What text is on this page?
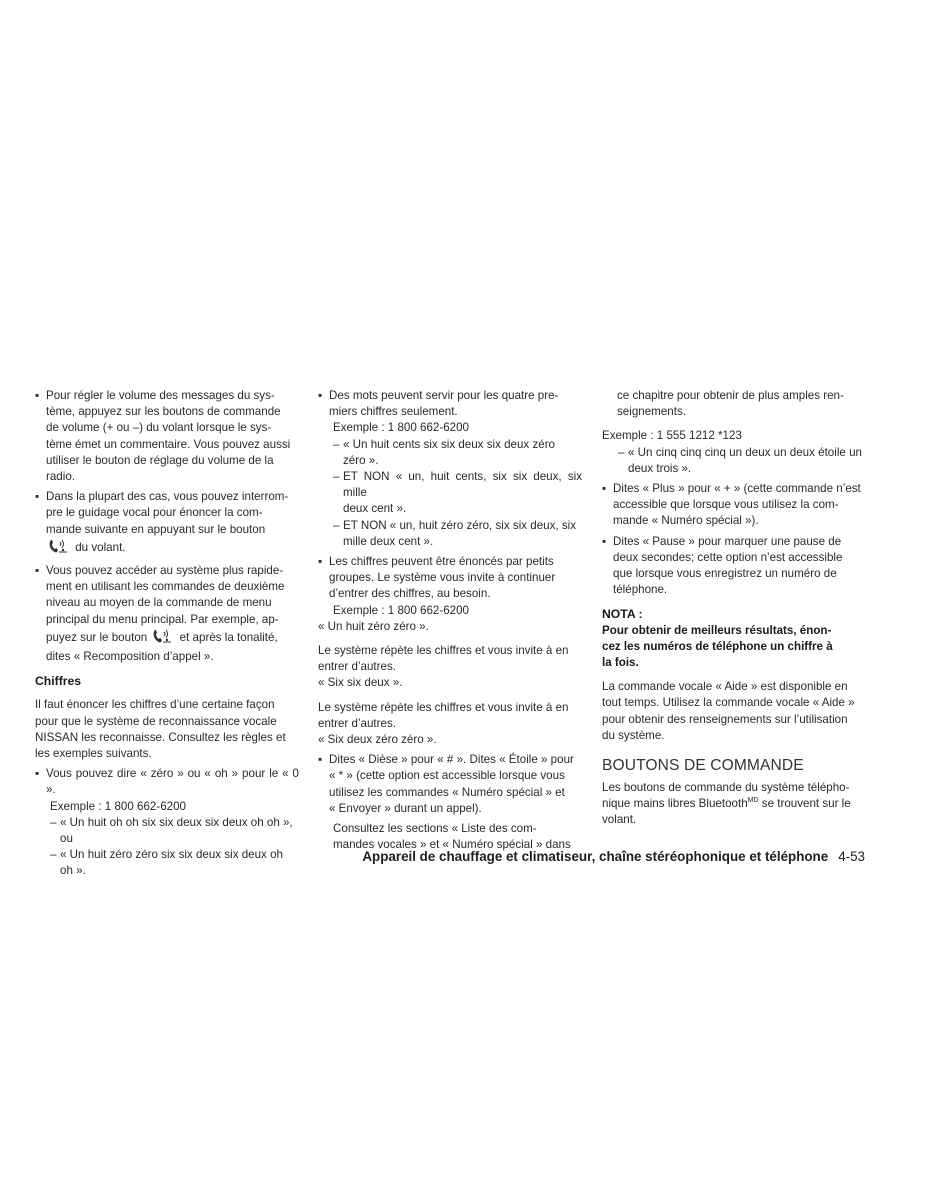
▪ Pour régler le volume des messages du sys-
tème, appuyez sur les boutons de commande
de volume (+ ou –) du volant lorsque le sys-
tème émet un commentaire. Vous pouvez aussi
utiliser le bouton de réglage du volume de la
radio.
▪ Dans la plupart des cas, vous pouvez interrom-
pre le guidage vocal pour énoncer la com-
mande suivante en appuyant sur le bouton
du volant.
▪ Vous pouvez accéder au système plus rapide-
ment en utilisant les commandes de deuxième
niveau au moyen de la commande de menu
principal du menu principal. Par exemple, ap-
puyez sur le bouton	et après la tonalité,
dites « Recomposition d’appel ».

Chiffres

Il faut énoncer les chiffres d’une certaine façon
pour que le système de reconnaissance vocale
NISSAN les reconnaisse. Consultez les règles et
les exemples suivants.

▪ Vous pouvez dire « zéro » ou « oh » pour le « 0 ».

Exemple : 1 800 662-6200

– « Un huit oh oh six six deux six deux oh oh »,
ou
– « Un huit zéro zéro six six deux six deux oh
oh ».
▪ Des mots peuvent servir pour les quatre pre-
miers chiffres seulement.

Exemple : 1 800 662-6200

– « Un huit cents six six deux six deux zéro
zéro ».
– ET NON « un, huit cents, six six deux, six mille
deux cent ».
– ET NON « un, huit zéro zéro, six six deux, six
mille deux cent ».
▪ Les chiffres peuvent être énoncés par petits
groupes. Le système vous invite à continuer
d’entrer des chiffres, au besoin.

Exemple : 1 800 662-6200

« Un huit zéro zéro ».

Le système répète les chiffres et vous invite à en
entrer d’autres.

« Six six deux ».

Le système répète les chiffres et vous invite à en
entrer d’autres.

« Six deux zéro zéro ».

▪ Dites « Dièse » pour « # ». Dites « Étoile » pour
« * » (cette option est accessible lorsque vous
utilisez les commandes « Numéro spécial » et
« Envoyer » durant un appel).

Consultez les sections « Liste des com-
mandes vocales » et « Numéro spécial » dans

ce chapitre pour obtenir de plus amples ren-
seignements.

Exemple : 1 555 1212 *123

– « Un cinq cinq cinq un deux un deux étoile un
deux trois ».
▪ Dites « Plus » pour « + » (cette commande n’est
accessible que lorsque vous utilisez la com-
mande « Numéro spécial »).
▪ Dites « Pause » pour marquer une pause de
deux secondes; cette option n’est accessible
que lorsque vous enregistrez un numéro de
téléphone.

NOTA :

Pour obtenir de meilleurs résultats, énon-
cez les numéros de téléphone un chiffre à
la fois.

La commande vocale « Aide » est disponible en
tout temps. Utilisez la commande vocale « Aide »
pour obtenir des renseignements sur l’utilisation
du système.

BOUTONS DE COMMANDE

Les boutons de commande du système télépho-
nique mains libres Bluetooth$^{MD}$ se trouvent sur le
volant.

Appareil de chauffage et climatiseur, chaîne stéréophonique et téléphone 4-53
